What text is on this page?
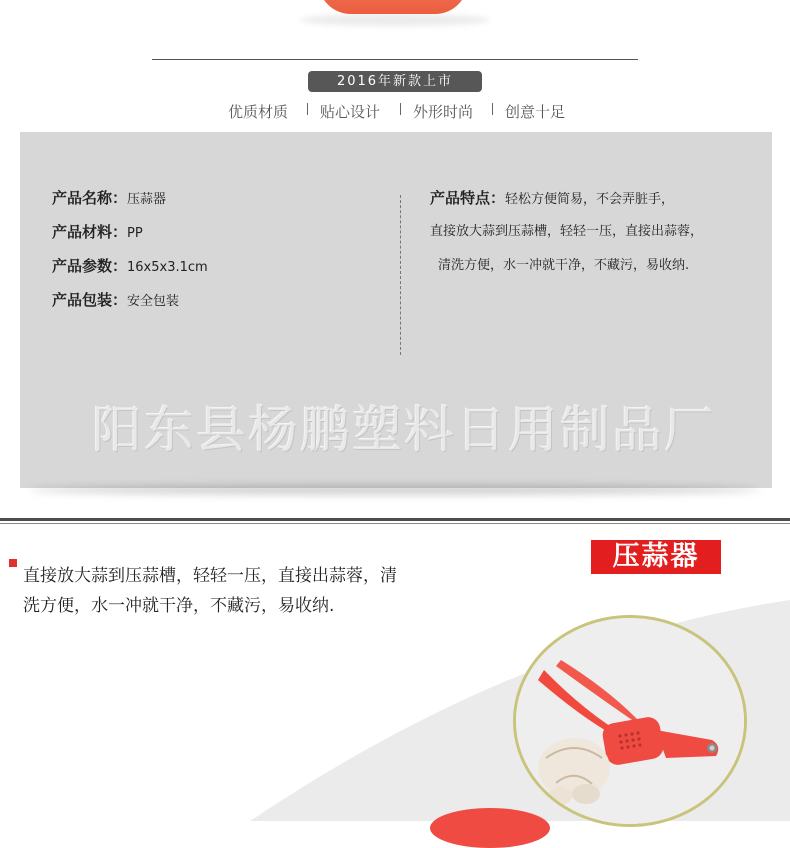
2016年新款上市
优质材质 贴心设计 外形时尚 创意十足
产品名称：压蒜器
产品材料：PP
产品参数：16x5x3.1cm
产品包装：安全包装
产品特点：轻松方便简易，不会弄脏手，
直接放大蒜到压蒜槽，轻轻一压，直接出蒜蓉，
清洗方便，水一冲就干净，不藏污，易收纳.
阳东县杨鹏塑料日用制品厂
直接放大蒜到压蒜槽，轻轻一压，直接出蒜蓉，清
洗方便，水一冲就干净，不藏污，易收纳.
压蒜器
